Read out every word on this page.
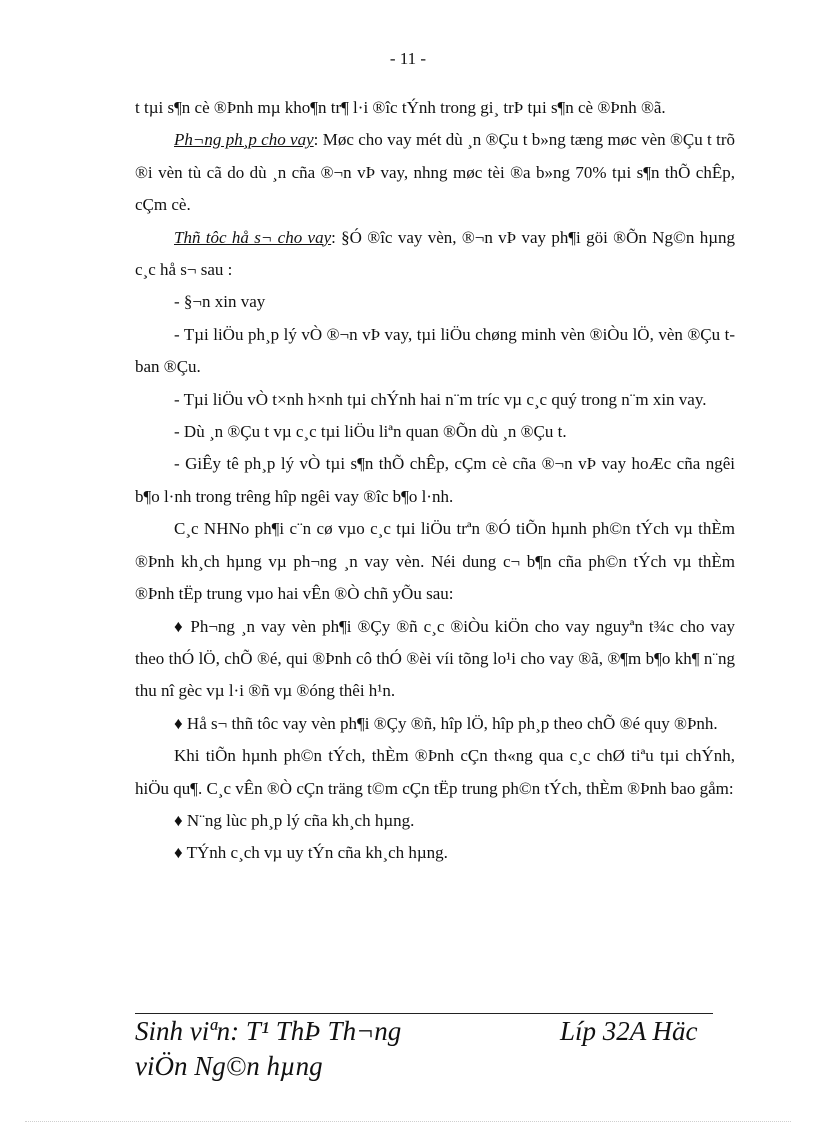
- 11 -

t tµi s¶n cè ®Þnh mµ kho¶n tr¶ l·i ®îc tÝnh trong gi¸ trÞ tµi s¶n cè ®Þnh ®ã.

Ph¬ng ph¸p cho vay: Møc cho vay mét dù ¸n ®Çu t b»ng tæng møc vèn ®Çu t trõ ®i vèn tù cã do dù ¸n cña ®¬n vÞ vay, nhng møc tèi ®a b»ng 70% tµi s¶n thÕ chÊp, cÇm cè.

Thñ tôc hå s¬ cho vay: §Ó ®îc vay vèn, ®¬n vÞ vay ph¶i göi ®Õn Ng©n hµng c¸c hå s¬ sau :

- §¬n xin vay

- Tµi liÖu ph¸p lý vÒ ®¬n vÞ vay, tµi liÖu chøng minh vèn ®iÒu lÖ, vèn ®Çu t ban ®Çu.

- Tµi liÖu vÒ t×nh h×nh tµi chÝnh hai n¨m tríc vµ c¸c quý trong n¨m xin vay.

- Dù ¸n ®Çu t vµ c¸c tµi liÖu liªn quan ®Õn dù ¸n ®Çu t.

- GiÊy tê ph¸p lý vÒ tµi s¶n thÕ chÊp, cÇm cè cña ®¬n vÞ vay hoÆc cña ngêi b¶o l·nh trong trêng hîp ngêi vay ®îc b¶o l·nh.

C¸c NHNo ph¶i c¨n cø vµo c¸c tµi liÖu trªn ®Ó tiÕn hµnh ph©n tÝch vµ thÈm ®Þnh kh¸ch hµng vµ ph¬ng ¸n vay vèn. Néi dung c¬ b¶n cña ph©n tÝch vµ thÈm ®Þnh tËp trung vµo hai vÊn ®Ò chñ yÕu sau:

♦ Ph¬ng ¸n vay vèn ph¶i ®Çy ®ñ c¸c ®iÒu kiÖn cho vay nguyªn t¾c cho vay theo thÓ lÖ, chÕ ®é, qui ®Þnh cô thÓ ®èi víi tõng lo¹i cho vay ®ã, ®¶m b¶o kh¶ n¨ng thu nî gèc vµ l·i ®ñ vµ ®óng thêi h¹n.

♦ Hå s¬ thñ tôc vay vèn ph¶i ®Çy ®ñ, hîp lÖ, hîp ph¸p theo chÕ ®é quy ®Þnh.

Khi tiÕn hµnh ph©n tÝch, thÈm ®Þnh cÇn th«ng qua c¸c chØ tiªu tµi chÝnh, hiÖu qu¶. C¸c vÊn ®Ò cÇn träng t©m cÇn tËp trung ph©n tÝch, thÈm ®Þnh bao gåm:

♦ N¨ng lùc ph¸p lý cña kh¸ch hµng.

♦ TÝnh c¸ch vµ uy tÝn cña kh¸ch hµng.

Sinh viªn: T¹ ThÞ Th¬ng	Líp 32A Häc
viÖn Ng©n hµng
